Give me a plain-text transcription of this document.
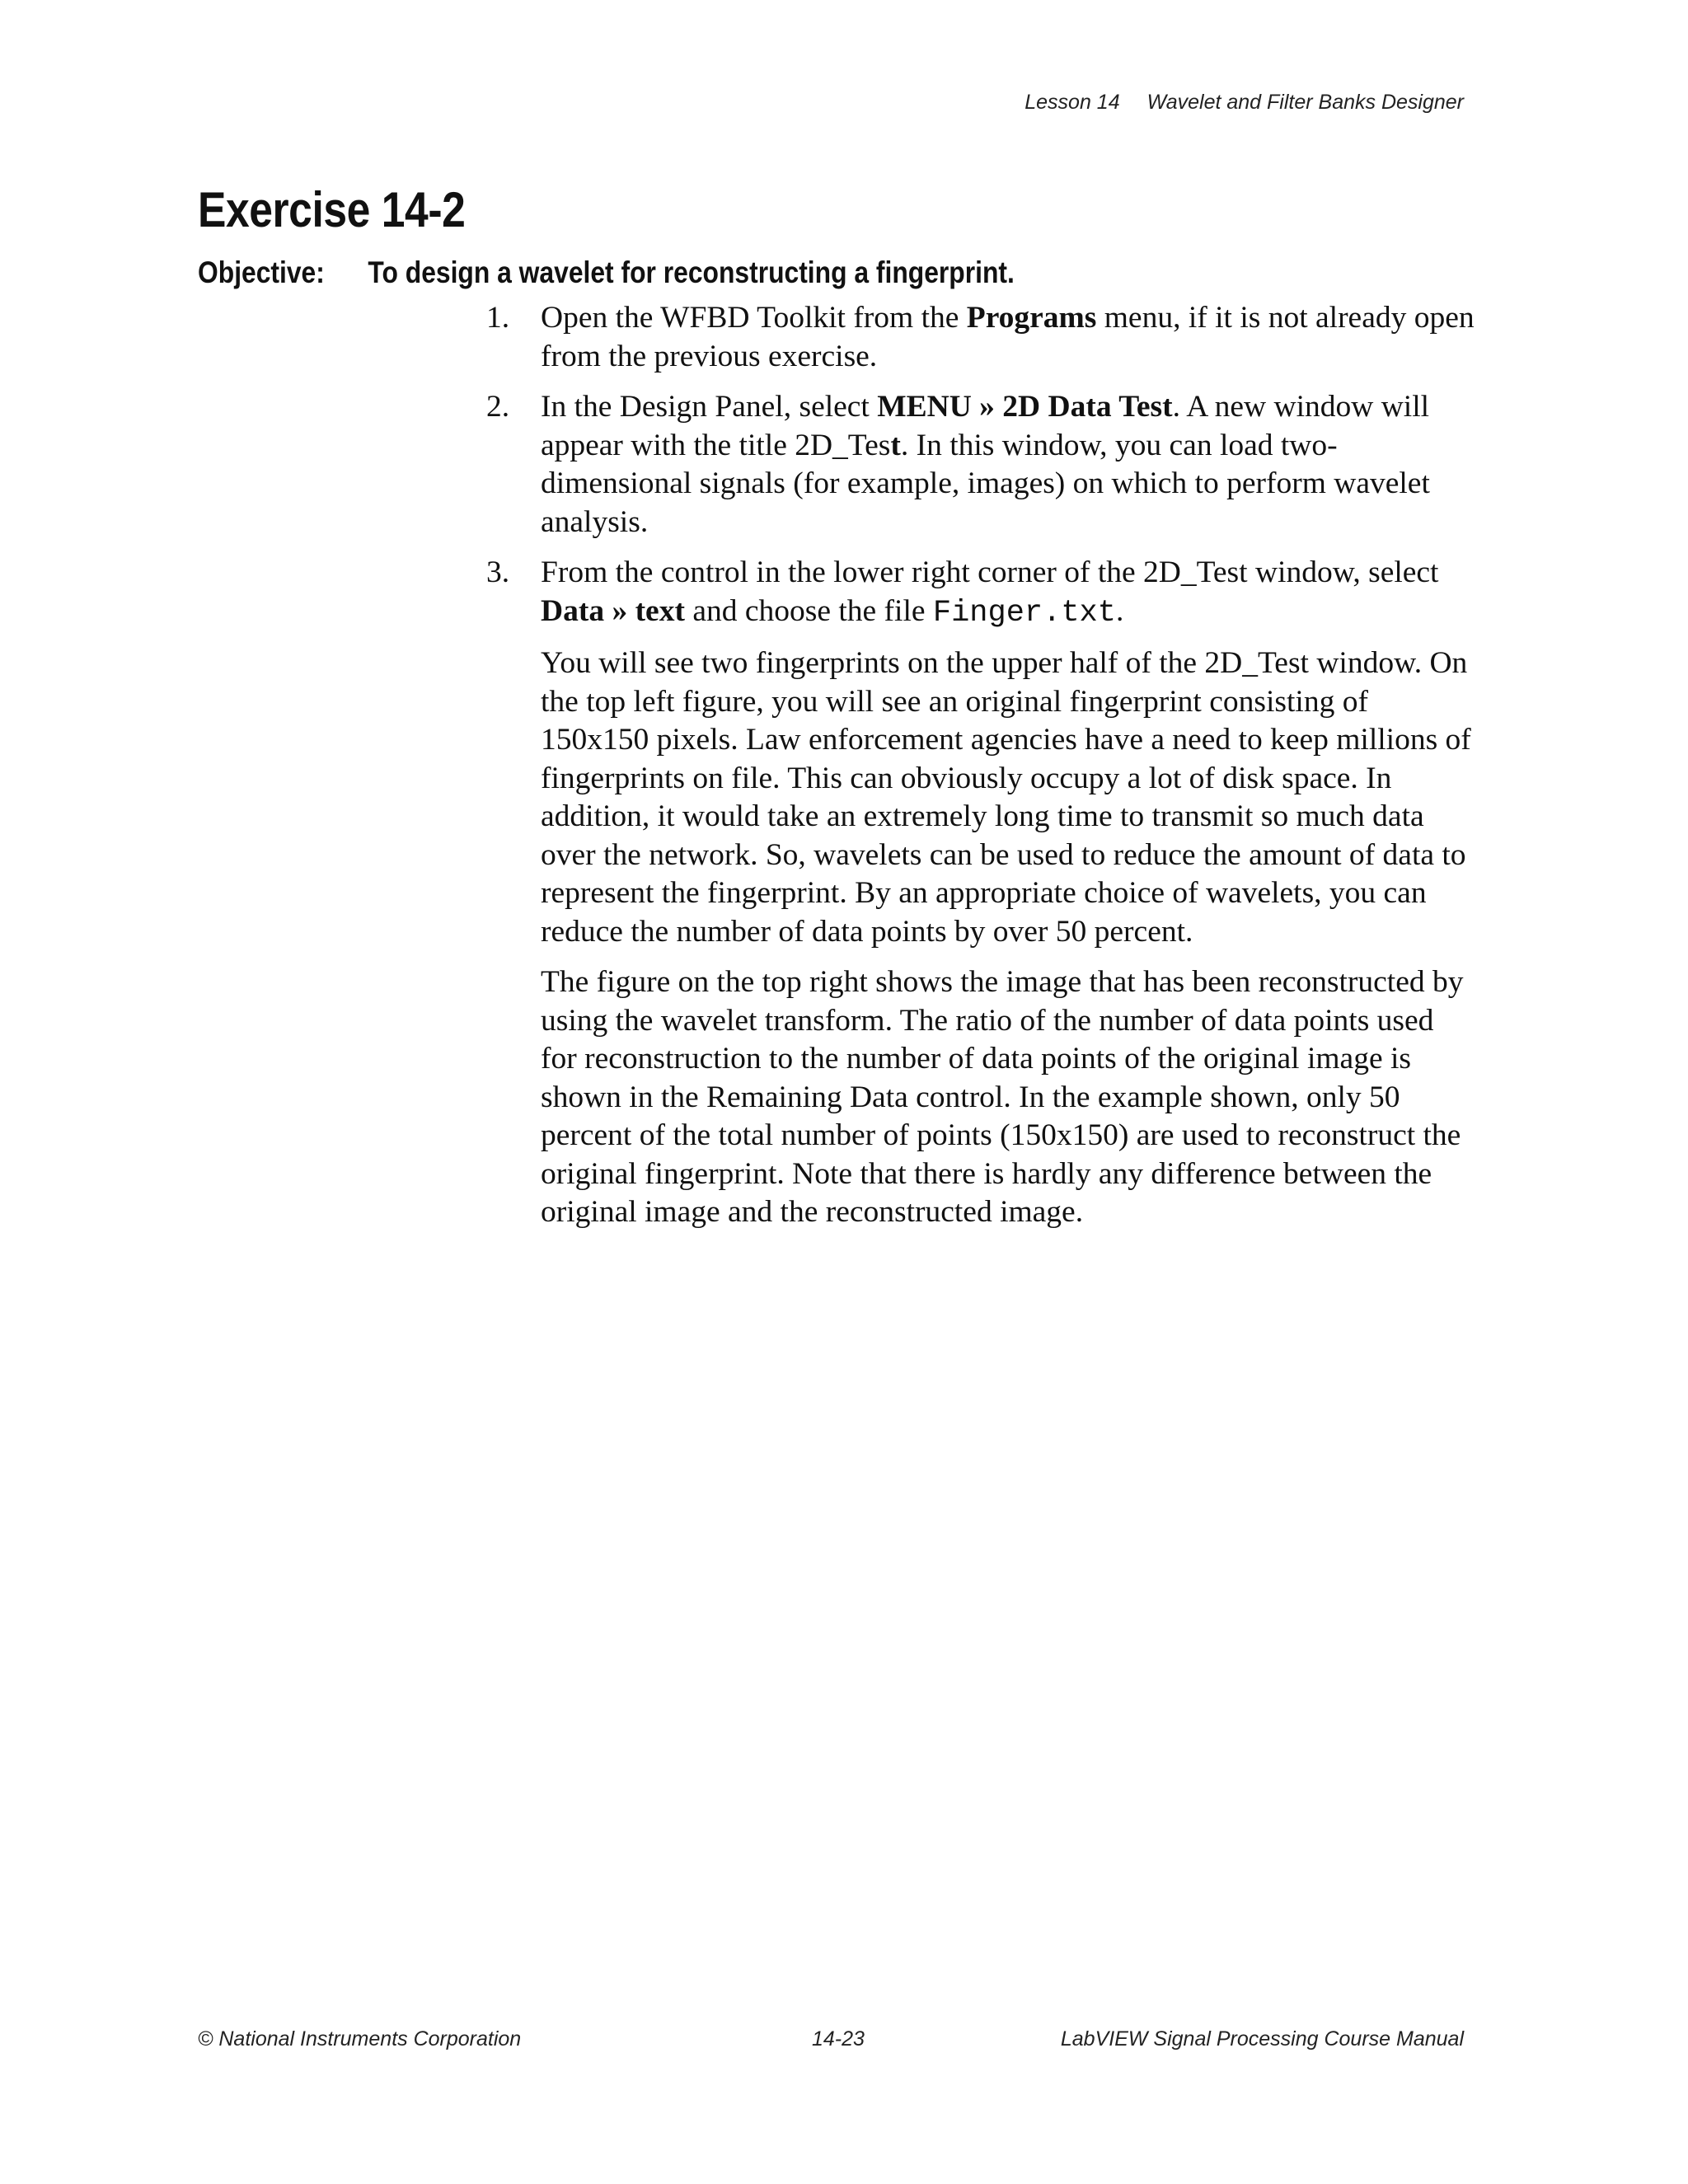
Lesson 14 Wavelet and Filter Banks Designer
Exercise 14-2
Objective: To design a wavelet for reconstructing a fingerprint.
1. Open the WFBD Toolkit from the Programs menu, if it is not already open from the previous exercise.
2. In the Design Panel, select MENU » 2D Data Test. A new window will appear with the title 2D_Test. In this window, you can load two-dimensional signals (for example, images) on which to perform wavelet analysis.
3. From the control in the lower right corner of the 2D_Test window, select Data » text and choose the file Finger.txt.
You will see two fingerprints on the upper half of the 2D_Test window. On the top left figure, you will see an original fingerprint consisting of 150x150 pixels. Law enforcement agencies have a need to keep millions of fingerprints on file. This can obviously occupy a lot of disk space. In addition, it would take an extremely long time to transmit so much data over the network. So, wavelets can be used to reduce the amount of data to represent the fingerprint. By an appropriate choice of wavelets, you can reduce the number of data points by over 50 percent.
The figure on the top right shows the image that has been reconstructed by using the wavelet transform. The ratio of the number of data points used for reconstruction to the number of data points of the original image is shown in the Remaining Data control. In the example shown, only 50 percent of the total number of points (150x150) are used to reconstruct the original fingerprint. Note that there is hardly any difference between the original image and the reconstructed image.
© National Instruments Corporation	14-23	LabVIEW Signal Processing Course Manual
